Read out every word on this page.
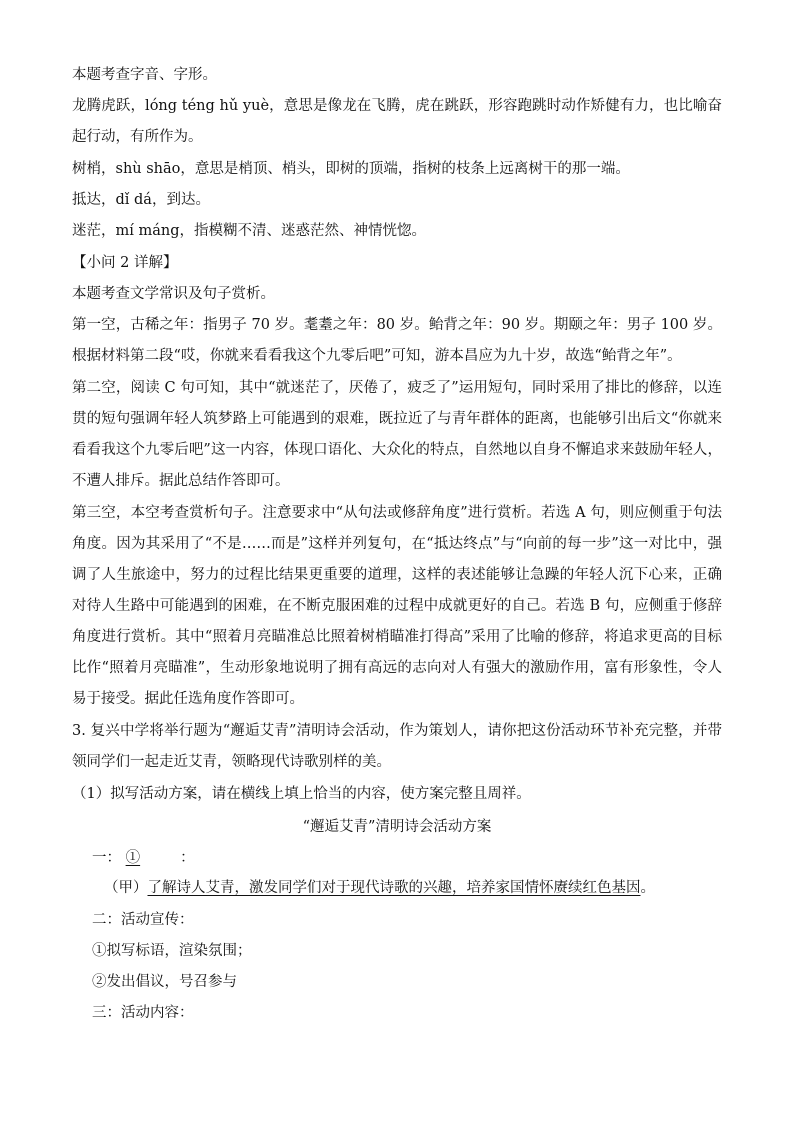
本题考查字音、字形。
龙腾虎跃，lóng téng hǔ yuè，意思是像龙在飞腾，虎在跳跃，形容跑跳时动作矫健有力，也比喻奋起行动，有所作为。
树梢，shù shāo，意思是梢顶、梢头，即树的顶端，指树的枝条上远离树干的那一端。
抵达，dǐ dá，到达。
迷茫，mí máng，指模糊不清、迷惑茫然、神情恍惚。
【小问 2 详解】
本题考查文学常识及句子赏析。
第一空，古稀之年：指男子 70 岁。耄耋之年：80 岁。鲐背之年：90 岁。期颐之年：男子 100 岁。根据材料第二段“哎，你就来看看我这个九零后吧”可知，游本昌应为九十岁，故选“鲐背之年”。
第二空，阅读 C 句可知，其中“就迷茫了，厌倦了，疲乏了”运用短句，同时采用了排比的修辞，以连贯的短句强调年轻人筑梦路上可能遇到的艰难，既拉近了与青年群体的距离，也能够引出后文“你就来看看我这个九零后吧”这一内容，体现口语化、大众化的特点，自然地以自身不懈追求来鼓励年轻人，不遭人排斥。据此总结作答即可。
第三空，本空考查赏析句子。注意要求中“从句法或修辞角度”进行赏析。若选 A 句，则应侧重于句法角度。因为其采用了“不是……而是”这样并列复句，在“抵达终点”与“向前的每一步”这一对比中，强调了人生旅途中，努力的过程比结果更重要的道理，这样的表述能够让急躁的年轻人沉下心来，正确对待人生路中可能遇到的困难，在不断克服困难的过程中成就更好的自己。若选 B 句，应侧重于修辞角度进行赏析。其中“照着月亮瞄准总比照着树梢瞄准打得高”采用了比喻的修辞，将追求更高的目标比作“照着月亮瞄准”，生动形象地说明了拥有高远的志向对人有强大的激励作用，富有形象性，令人易于接受。据此任选角度作答即可。
3. 复兴中学将举行题为“邂逅艾青”清明诗会活动，作为策划人，请你把这份活动环节补充完整，并带领同学们一起走近艾青，领略现代诗歌别样的美。
（1）拟写活动方案，请在横线上填上恰当的内容，使方案完整且周祥。
“邂逅艾青”清明诗会活动方案
一： ①	：
（甲）了解诗人艾青，激发同学们对于现代诗歌的兴趣，培养家国情怀赓续红色基因。
二：活动宣传：
①拟写标语，渲染氛围；
②发出倡议，号召参与
三：活动内容：
